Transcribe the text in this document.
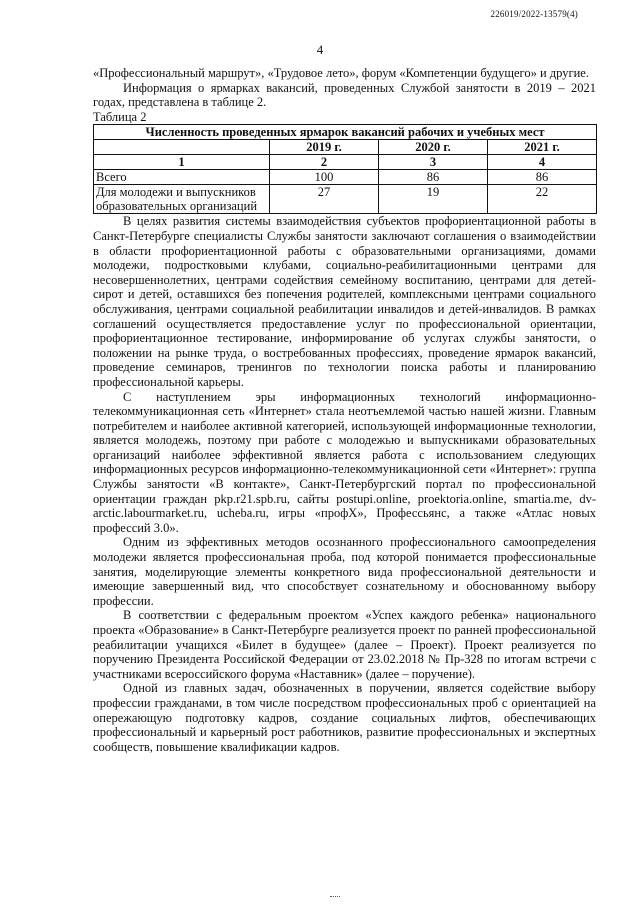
226019/2022-13579(4)
4

«Профессиональный маршрут», «Трудовое лето», форум «Компетенции будущего» и другие.

Информация о ярмарках вакансий, проведенных Службой занятости в 2019 – 2021 годах, представлена в таблице 2.

Таблица 2

Численность проведенных ярмарок вакансий рабочих и учебных мест			
	2019 г.	2020 г.	2021 г.
1	2	3	4
Всего	100	86	86
Для молодежи и выпускников образовательных организаций	27	19	22

В целях развития системы взаимодействия субъектов профориентационной работы в Санкт-Петербурге специалисты Службы занятости заключают соглашения о взаимодействии в области профориентационной работы с образовательными организациями, домами молодежи, подростковыми клубами, социально-реабилитационными центрами для несовершеннолетних, центрами содействия семейному воспитанию, центрами для детей-сирот и детей, оставшихся без попечения родителей, комплексными центрами социального обслуживания, центрами социальной реабилитации инвалидов и детей-инвалидов. В рамках соглашений осуществляется предоставление услуг по профессиональной ориентации, профориентационное тестирование, информирование об услугах службы занятости, о положении на рынке труда, о востребованных профессиях, проведение ярмарок вакансий, проведение семинаров, тренингов по технологии поиска работы и планированию профессиональной карьеры.

С наступлением эры информационных технологий информационно-телекоммуникационная сеть «Интернет» стала неотъемлемой частью нашей жизни. Главным потребителем и наиболее активной категорией, использующей информационные технологии, является молодежь, поэтому при работе с молодежью и выпускниками образовательных организаций наиболее эффективной является работа с использованием следующих информационных ресурсов информационно-телекоммуникационной сети «Интернет»: группа Службы занятости «В контакте», Санкт-Петербургский портал по профессиональной ориентации граждан pkp.r21.spb.ru, сайты postupi.online, proektoria.online, smartia.me, dv-arctic.labourmarket.ru, ucheba.ru, игры «профХ», Профессьянс, а также «Атлас новых профессий 3.0».

Одним из эффективных методов осознанного профессионального самоопределения молодежи является профессиональная проба, под которой понимается профессиональные занятия, моделирующие элементы конкретного вида профессиональной деятельности и имеющие завершенный вид, что способствует сознательному и обоснованному выбору профессии.

В соответствии с федеральным проектом «Успех каждого ребенка» национального проекта «Образование» в Санкт-Петербурге реализуется проект по ранней профессиональной реабилитации учащихся «Билет в будущее» (далее – Проект). Проект реализуется по поручению Президента Российской Федерации от 23.02.2018 № Пр-328 по итогам встречи с участниками всероссийского форума «Наставник» (далее – поручение).

Одной из главных задач, обозначенных в поручении, является содействие выбору профессии гражданами, в том числе посредством профессиональных проб с ориентацией на опережающую подготовку кадров, создание социальных лифтов, обеспечивающих профессиональный и карьерный рост работников, развитие профессиональных и экспертных сообществ, повышение квалификации кадров.
